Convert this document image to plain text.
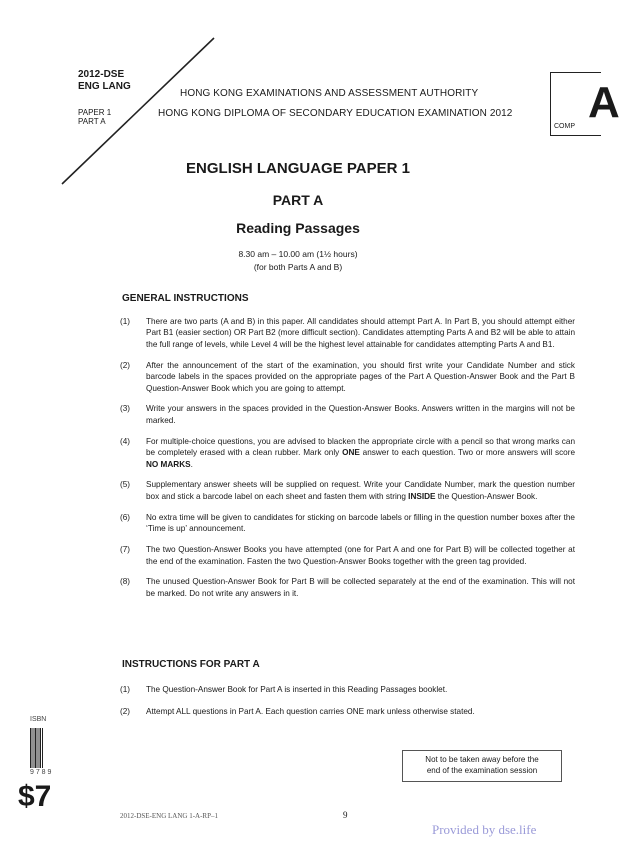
2012-DSE
ENG LANG
PAPER 1
PART A
HONG KONG EXAMINATIONS AND ASSESSMENT AUTHORITY
HONG KONG DIPLOMA OF SECONDARY EDUCATION EXAMINATION 2012 A
COMP
ENGLISH LANGUAGE PAPER 1
PART A
Reading Passages
8.30 am – 10.00 am (1½ hours)
(for both Parts A and B)
GENERAL INSTRUCTIONS
(1)	There are two parts (A and B) in this paper. All candidates should attempt Part A. In Part B, you should attempt either Part B1 (easier section) OR Part B2 (more difficult section). Candidates attempting Parts A and B2 will be able to attain the full range of levels, while Level 4 will be the highest level attainable for candidates attempting Parts A and B1.
(2)	After the announcement of the start of the examination, you should first write your Candidate Number and stick barcode labels in the spaces provided on the appropriate pages of the Part A Question-Answer Book and the Part B Question-Answer Book which you are going to attempt.
(3)	Write your answers in the spaces provided in the Question-Answer Books. Answers written in the margins will not be marked.
(4)	For multiple-choice questions, you are advised to blacken the appropriate circle with a pencil so that wrong marks can be completely erased with a clean rubber. Mark only ONE answer to each question. Two or more answers will score NO MARKS.
(5)	Supplementary answer sheets will be supplied on request. Write your Candidate Number, mark the question number box and stick a barcode label on each sheet and fasten them with string INSIDE the Question-Answer Book.
(6)	No extra time will be given to candidates for sticking on barcode labels or filling in the question number boxes after the ‘Time is up’ announcement.
(7)	The two Question-Answer Books you have attempted (one for Part A and one for Part B) will be collected together at the end of the examination. Fasten the two Question-Answer Books together with the green tag provided.
(8)	The unused Question-Answer Book for Part B will be collected separately at the end of the examination. This will not be marked. Do not write any answers in it.
INSTRUCTIONS FOR PART A
(1)	The Question-Answer Book for Part A is inserted in this Reading Passages booklet.
(2)	Attempt ALL questions in Part A. Each question carries ONE mark unless otherwise stated.
ISBN
9 7 8 9
$7
Not to be taken away before the
end of the examination session
2012-DSE-ENG LANG 1-A-RP–1	9
Provided by dse.life
